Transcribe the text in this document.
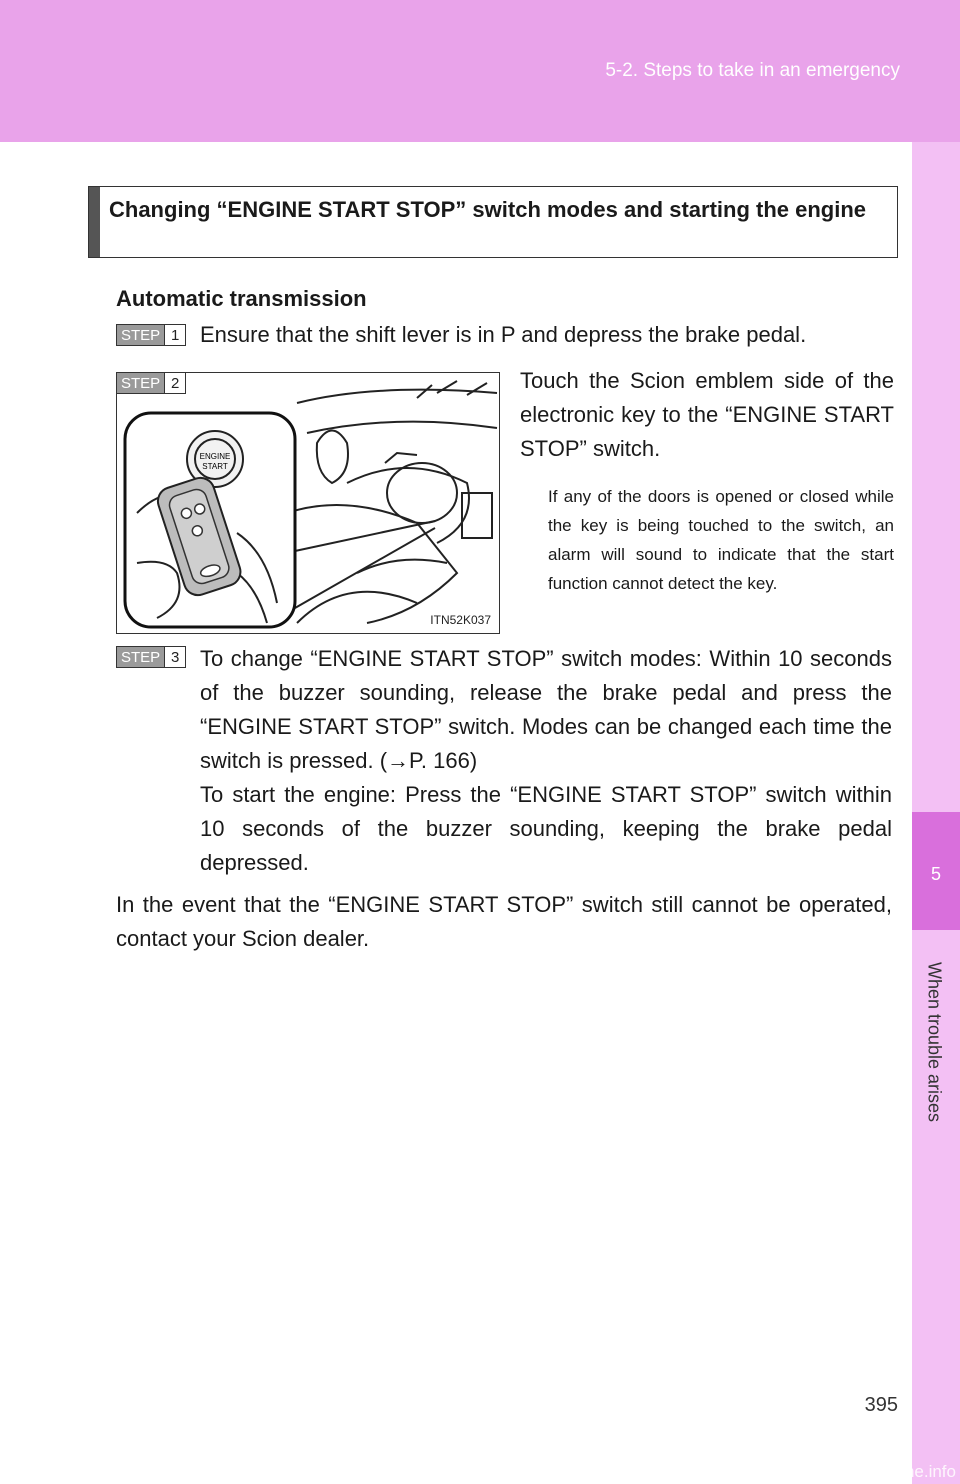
5-2. Steps to take in an emergency
5
When trouble arises
Changing “ENGINE START STOP” switch modes and starting the engine
Automatic transmission
STEP 1 Ensure that the shift lever is in P and depress the brake pedal.
ENGINE
START
ITN52K037
STEP 2	Touch the Scion emblem side of the electronic key to the “ENGINE START STOP” switch.
If any of the doors is opened or closed while the key is being touched to the switch, an alarm will sound to indicate that the start function cannot detect the key.
STEP 3 To change “ENGINE START STOP” switch modes: Within 10 seconds of the buzzer sounding, release the brake pedal and press the “ENGINE START STOP” switch. Modes can be changed each time the switch is pressed. (→P. 166)
To start the engine: Press the “ENGINE START STOP” switch within 10 seconds of the buzzer sounding, keeping the brake pedal depressed.
In the event that the “ENGINE START STOP” switch still cannot be operated, contact your Scion dealer.
395
carmanualsonline.info
